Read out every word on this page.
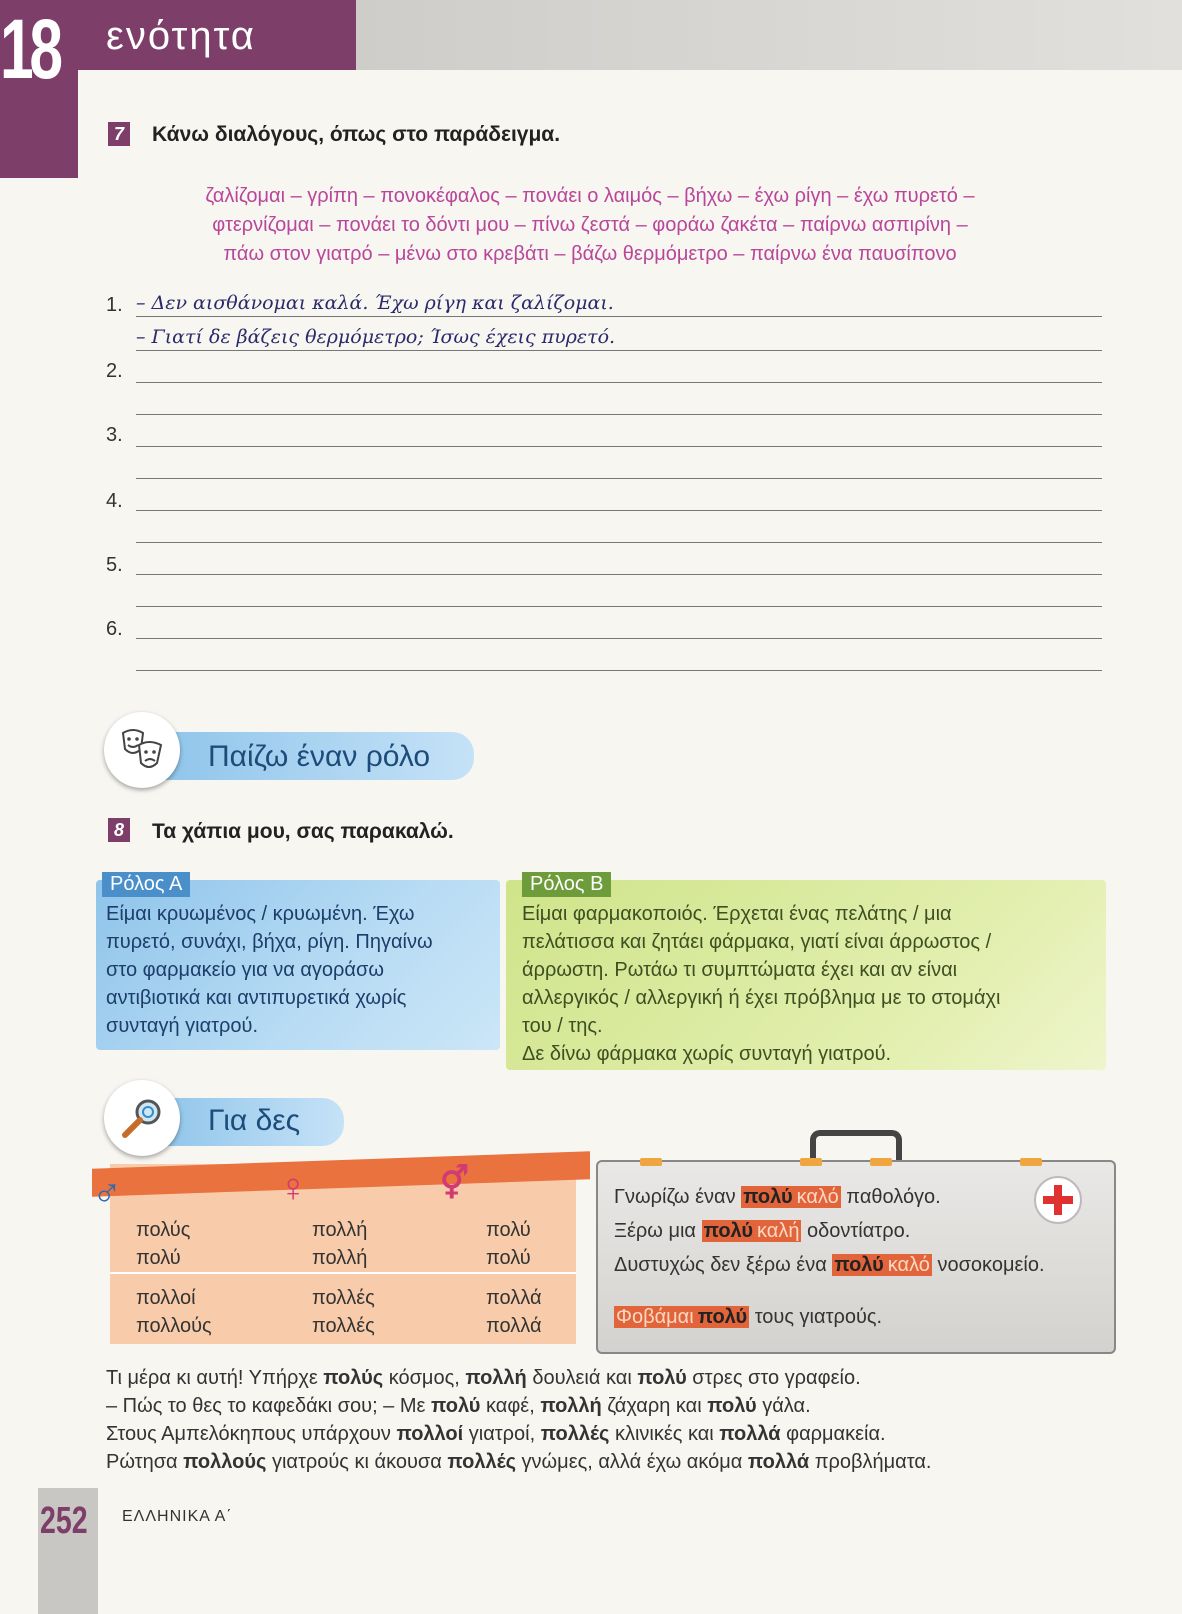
18 ενότητα
7 Κάνω διαλόγους, όπως στο παράδειγμα.
ζαλίζομαι – γρίπη – πονοκέφαλος – πονάει ο λαιμός – βήχω – έχω ρίγη – έχω πυρετό –
φτερνίζομαι – πονάει το δόντι μου – πίνω ζεστά – φοράω ζακέτα – παίρνω ασπιρίνη –
πάω στον γιατρό – μένω στο κρεβάτι – βάζω θερμόμετρο – παίρνω ένα παυσίπονο
1. – Δεν αισθάνομαι καλά. Έχω ρίγη και ζαλίζομαι.
– Γιατί δε βάζεις θερμόμετρο; Ίσως έχεις πυρετό.
2.
3.
4.
5.
6.
Παίζω έναν ρόλο
8 Τα χάπια μου, σας παρακαλώ.
Ρόλος Α
Είμαι κρυωμένος / κρυωμένη. Έχω
πυρετό, συνάχι, βήχα, ρίγη. Πηγαίνω
στο φαρμακείο για να αγοράσω
αντιβιοτικά και αντιπυρετικά χωρίς
συνταγή γιατρού.
Ρόλος Β
Είμαι φαρμακοποιός. Έρχεται ένας πελάτης / μια
πελάτισσα και ζητάει φάρμακα, γιατί είναι άρρωστος /
άρρωστη. Ρωτάω τι συμπτώματα έχει και αν είναι
αλλεργικός / αλλεργική ή έχει πρόβλημα με το στομάχι
του / της.
Δε δίνω φάρμακα χωρίς συνταγή γιατρού.
Για δες
♂	♀	⚥
πολύς
πολύ
πολλοί
πολλούς
πολλή
πολλή
πολλές
πολλές
πολύ
πολύ
πολλά
πολλά
Γνωρίζω έναν πολύ καλό παθολόγο.
Ξέρω μια πολύ καλή οδοντίατρο.
Δυστυχώς δεν ξέρω ένα πολύ καλό νοσοκομείο.
Φοβάμαι πολύ τους γιατρούς.
Τι μέρα κι αυτή! Υπήρχε πολύς κόσμος, πολλή δουλειά και πολύ στρες στο γραφείο.
– Πώς το θες το καφεδάκι σου; – Με πολύ καφέ, πολλή ζάχαρη και πολύ γάλα.
Στους Αμπελόκηπους υπάρχουν πολλοί γιατροί, πολλές κλινικές και πολλά φαρμακεία.
Ρώτησα πολλούς γιατρούς κι άκουσα πολλές γνώμες, αλλά έχω ακόμα πολλά προβλήματα.
252 ΕΛΛΗΝΙΚΑ Α΄
